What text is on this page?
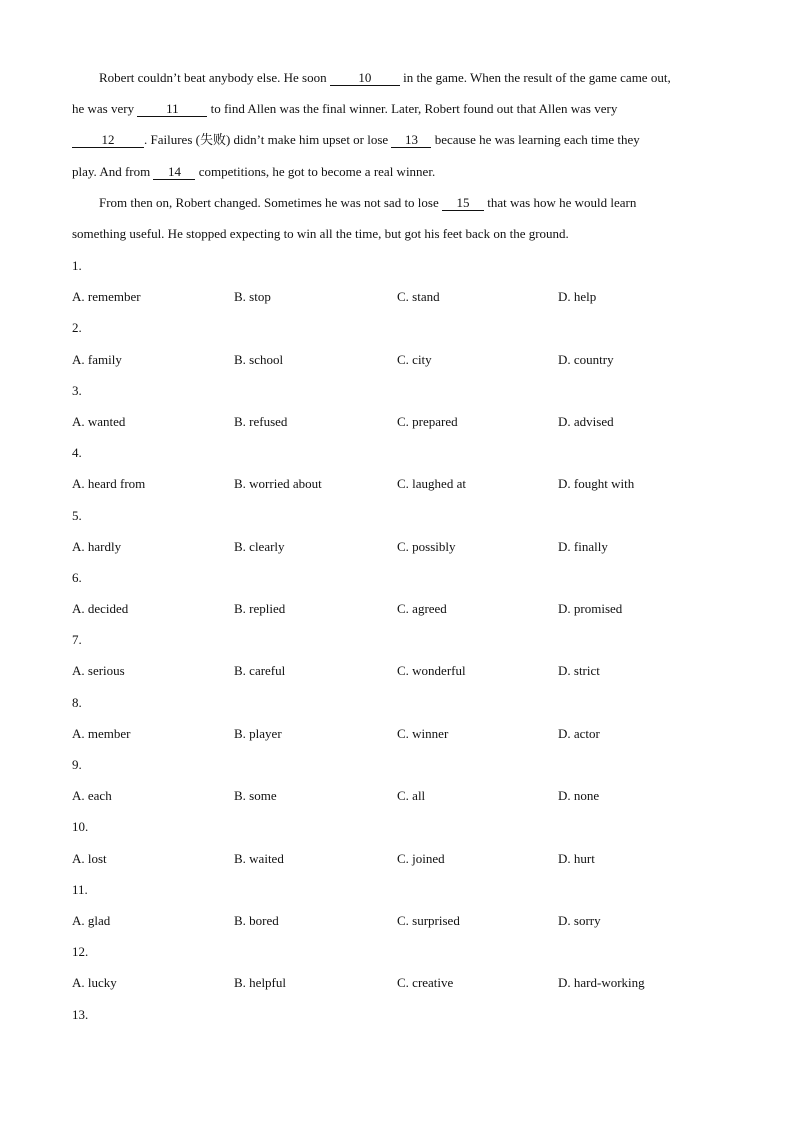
Robert couldn’t beat anybody else. He soon 10 in the game. When the result of the game came out,
he was very 11 to find Allen was the final winner. Later, Robert found out that Allen was very
12 . Failures (失败) didn’t make him upset or lose 13 because he was learning each time they
play. And from 14 competitions, he got to become a real winner.
From then on, Robert changed. Sometimes he was not sad to lose 15 that was how he would learn
something useful. He stopped expecting to win all the time, but got his feet back on the ground.
1.
A. remember	B. stop	C. stand	D. help
2.
A. family	B. school	C. city	D. country
3.
A. wanted	B. refused	C. prepared	D. advised
4.
A. heard from	B. worried about	C. laughed at	D. fought with
5.
A. hardly	B. clearly	C. possibly	D. finally
6.
A. decided	B. replied	C. agreed	D. promised
7.
A. serious	B. careful	C. wonderful	D. strict
8.
A. member	B. player	C. winner	D. actor
9.
A. each	B. some	C. all	D. none
10.
A. lost	B. waited	C. joined	D. hurt
11.
A. glad	B. bored	C. surprised	D. sorry
12.
A. lucky	B. helpful	C. creative	D. hard-working
13.
